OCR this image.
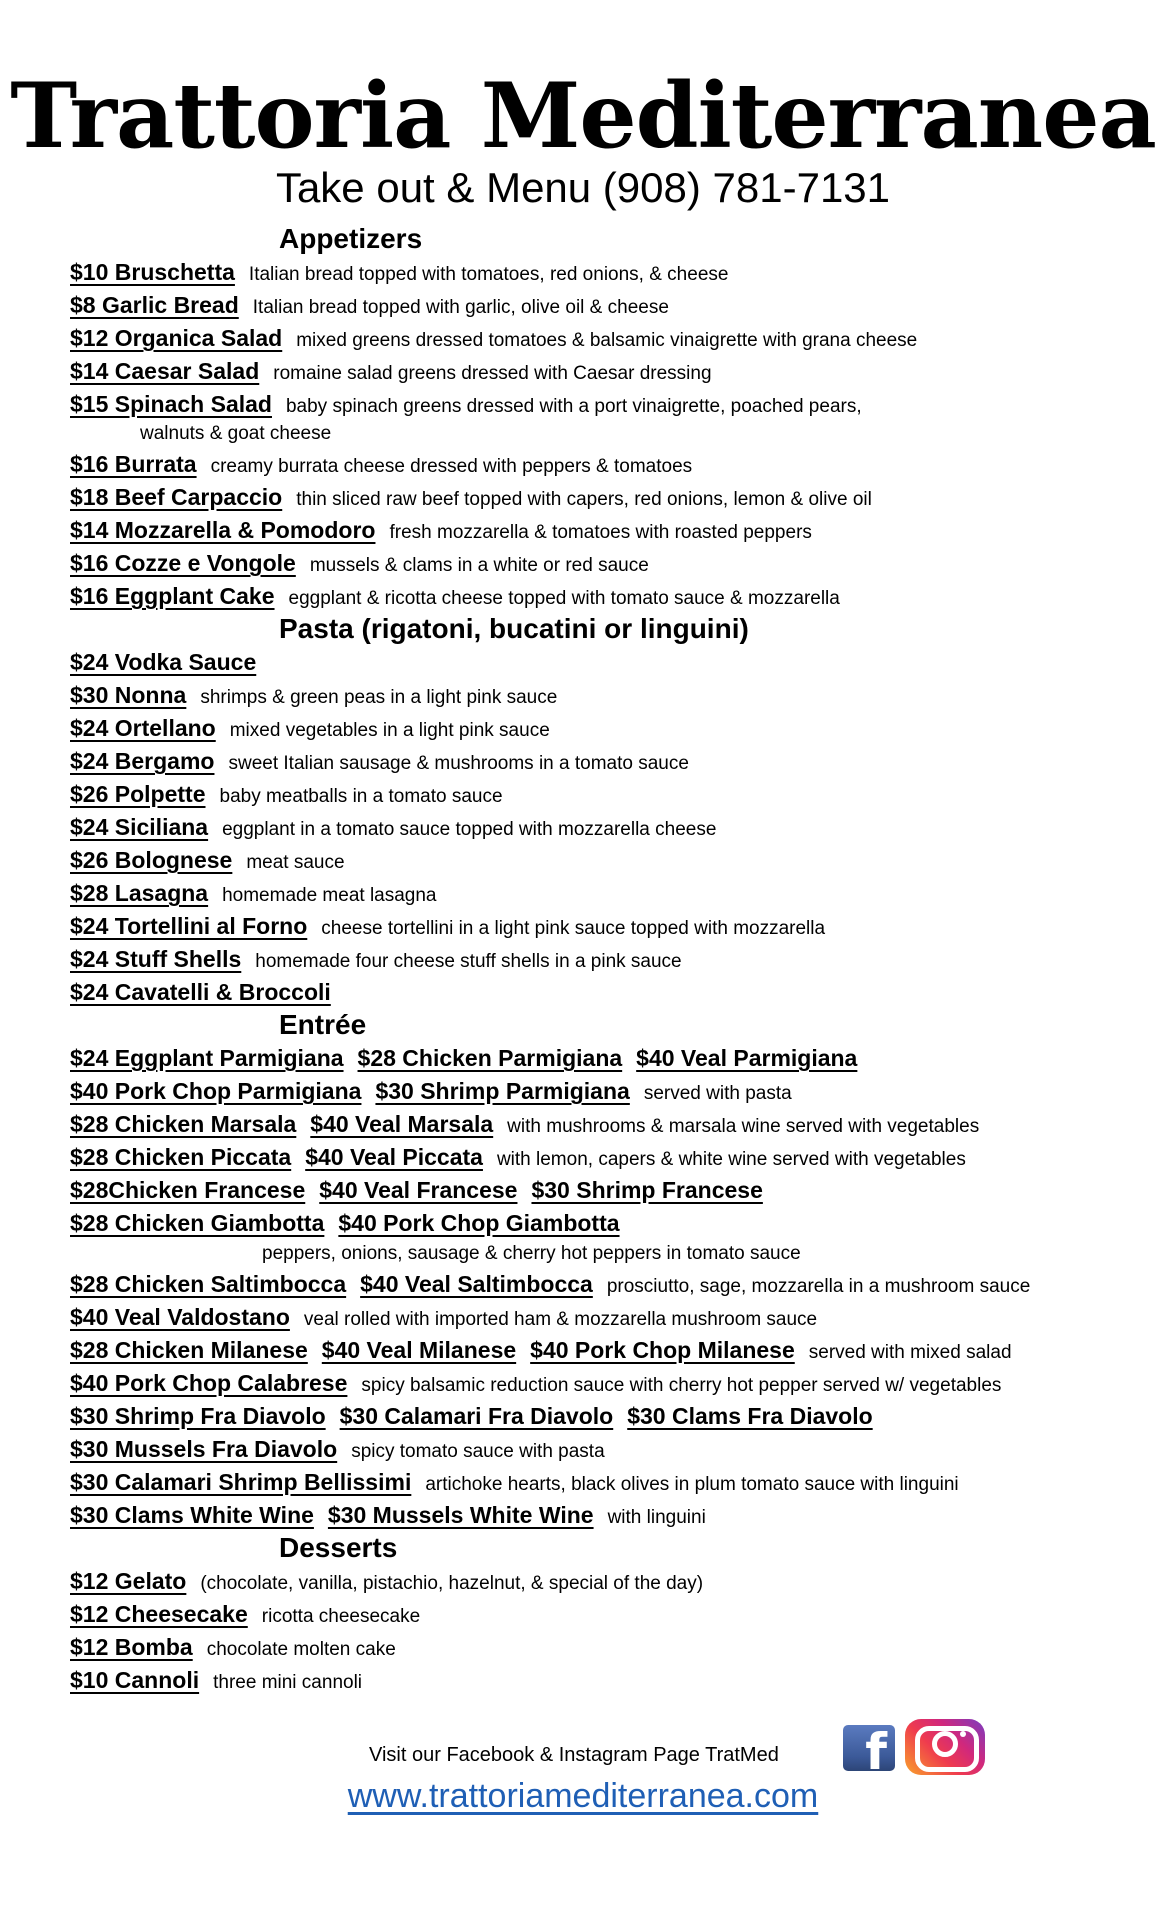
Trattoria Mediterranea
Take out & Menu (908) 781-7131
Appetizers
$10 Bruschetta Italian bread topped with tomatoes, red onions, & cheese
$8 Garlic Bread Italian bread topped with garlic, olive oil & cheese
$12 Organica Salad mixed greens dressed tomatoes & balsamic vinaigrette with grana cheese
$14 Caesar Salad romaine salad greens dressed with Caesar dressing
$15 Spinach Salad baby spinach greens dressed with a port vinaigrette, poached pears,
walnuts & goat cheese
$16 Burrata creamy burrata cheese dressed with peppers & tomatoes
$18 Beef Carpaccio thin sliced raw beef topped with capers, red onions, lemon & olive oil
$14 Mozzarella & Pomodoro fresh mozzarella & tomatoes with roasted peppers
$16 Cozze e Vongole mussels & clams in a white or red sauce
$16 Eggplant Cake eggplant & ricotta cheese topped with tomato sauce & mozzarella
Pasta (rigatoni, bucatini or linguini)
$24 Vodka Sauce
$30 Nonna shrimps & green peas in a light pink sauce
$24 Ortellano mixed vegetables in a light pink sauce
$24 Bergamo sweet Italian sausage & mushrooms in a tomato sauce
$26 Polpette baby meatballs in a tomato sauce
$24 Siciliana eggplant in a tomato sauce topped with mozzarella cheese
$26 Bolognese meat sauce
$28 Lasagna homemade meat lasagna
$24 Tortellini al Forno cheese tortellini in a light pink sauce topped with mozzarella
$24 Stuff Shells homemade four cheese stuff shells in a pink sauce
$24 Cavatelli & Broccoli
Entrée
$24 Eggplant Parmigiana $28 Chicken Parmigiana $40 Veal Parmigiana
$40 Pork Chop Parmigiana $30 Shrimp Parmigiana served with pasta
$28 Chicken Marsala $40 Veal Marsala with mushrooms & marsala wine served with vegetables
$28 Chicken Piccata $40 Veal Piccata with lemon, capers & white wine served with vegetables
$28Chicken Francese $40 Veal Francese $30 Shrimp Francese
$28 Chicken Giambotta $40 Pork Chop Giambotta
peppers, onions, sausage & cherry hot peppers in tomato sauce
$28 Chicken Saltimbocca $40 Veal Saltimbocca prosciutto, sage, mozzarella in a mushroom sauce
$40 Veal Valdostano veal rolled with imported ham & mozzarella mushroom sauce
$28 Chicken Milanese $40 Veal Milanese $40 Pork Chop Milanese served with mixed salad
$40 Pork Chop Calabrese spicy balsamic reduction sauce with cherry hot pepper served w/ vegetables
$30 Shrimp Fra Diavolo $30 Calamari Fra Diavolo $30 Clams Fra Diavolo
$30 Mussels Fra Diavolo spicy tomato sauce with pasta
$30 Calamari Shrimp Bellissimi artichoke hearts, black olives in plum tomato sauce with linguini
$30 Clams White Wine $30 Mussels White Wine with linguini
Desserts
$12 Gelato (chocolate, vanilla, pistachio, hazelnut, & special of the day)
$12 Cheesecake ricotta cheesecake
$12 Bomba chocolate molten cake
$10 Cannoli three mini cannoli
Visit our Facebook & Instagram Page TratMed f
www.trattoriamediterranea.com
